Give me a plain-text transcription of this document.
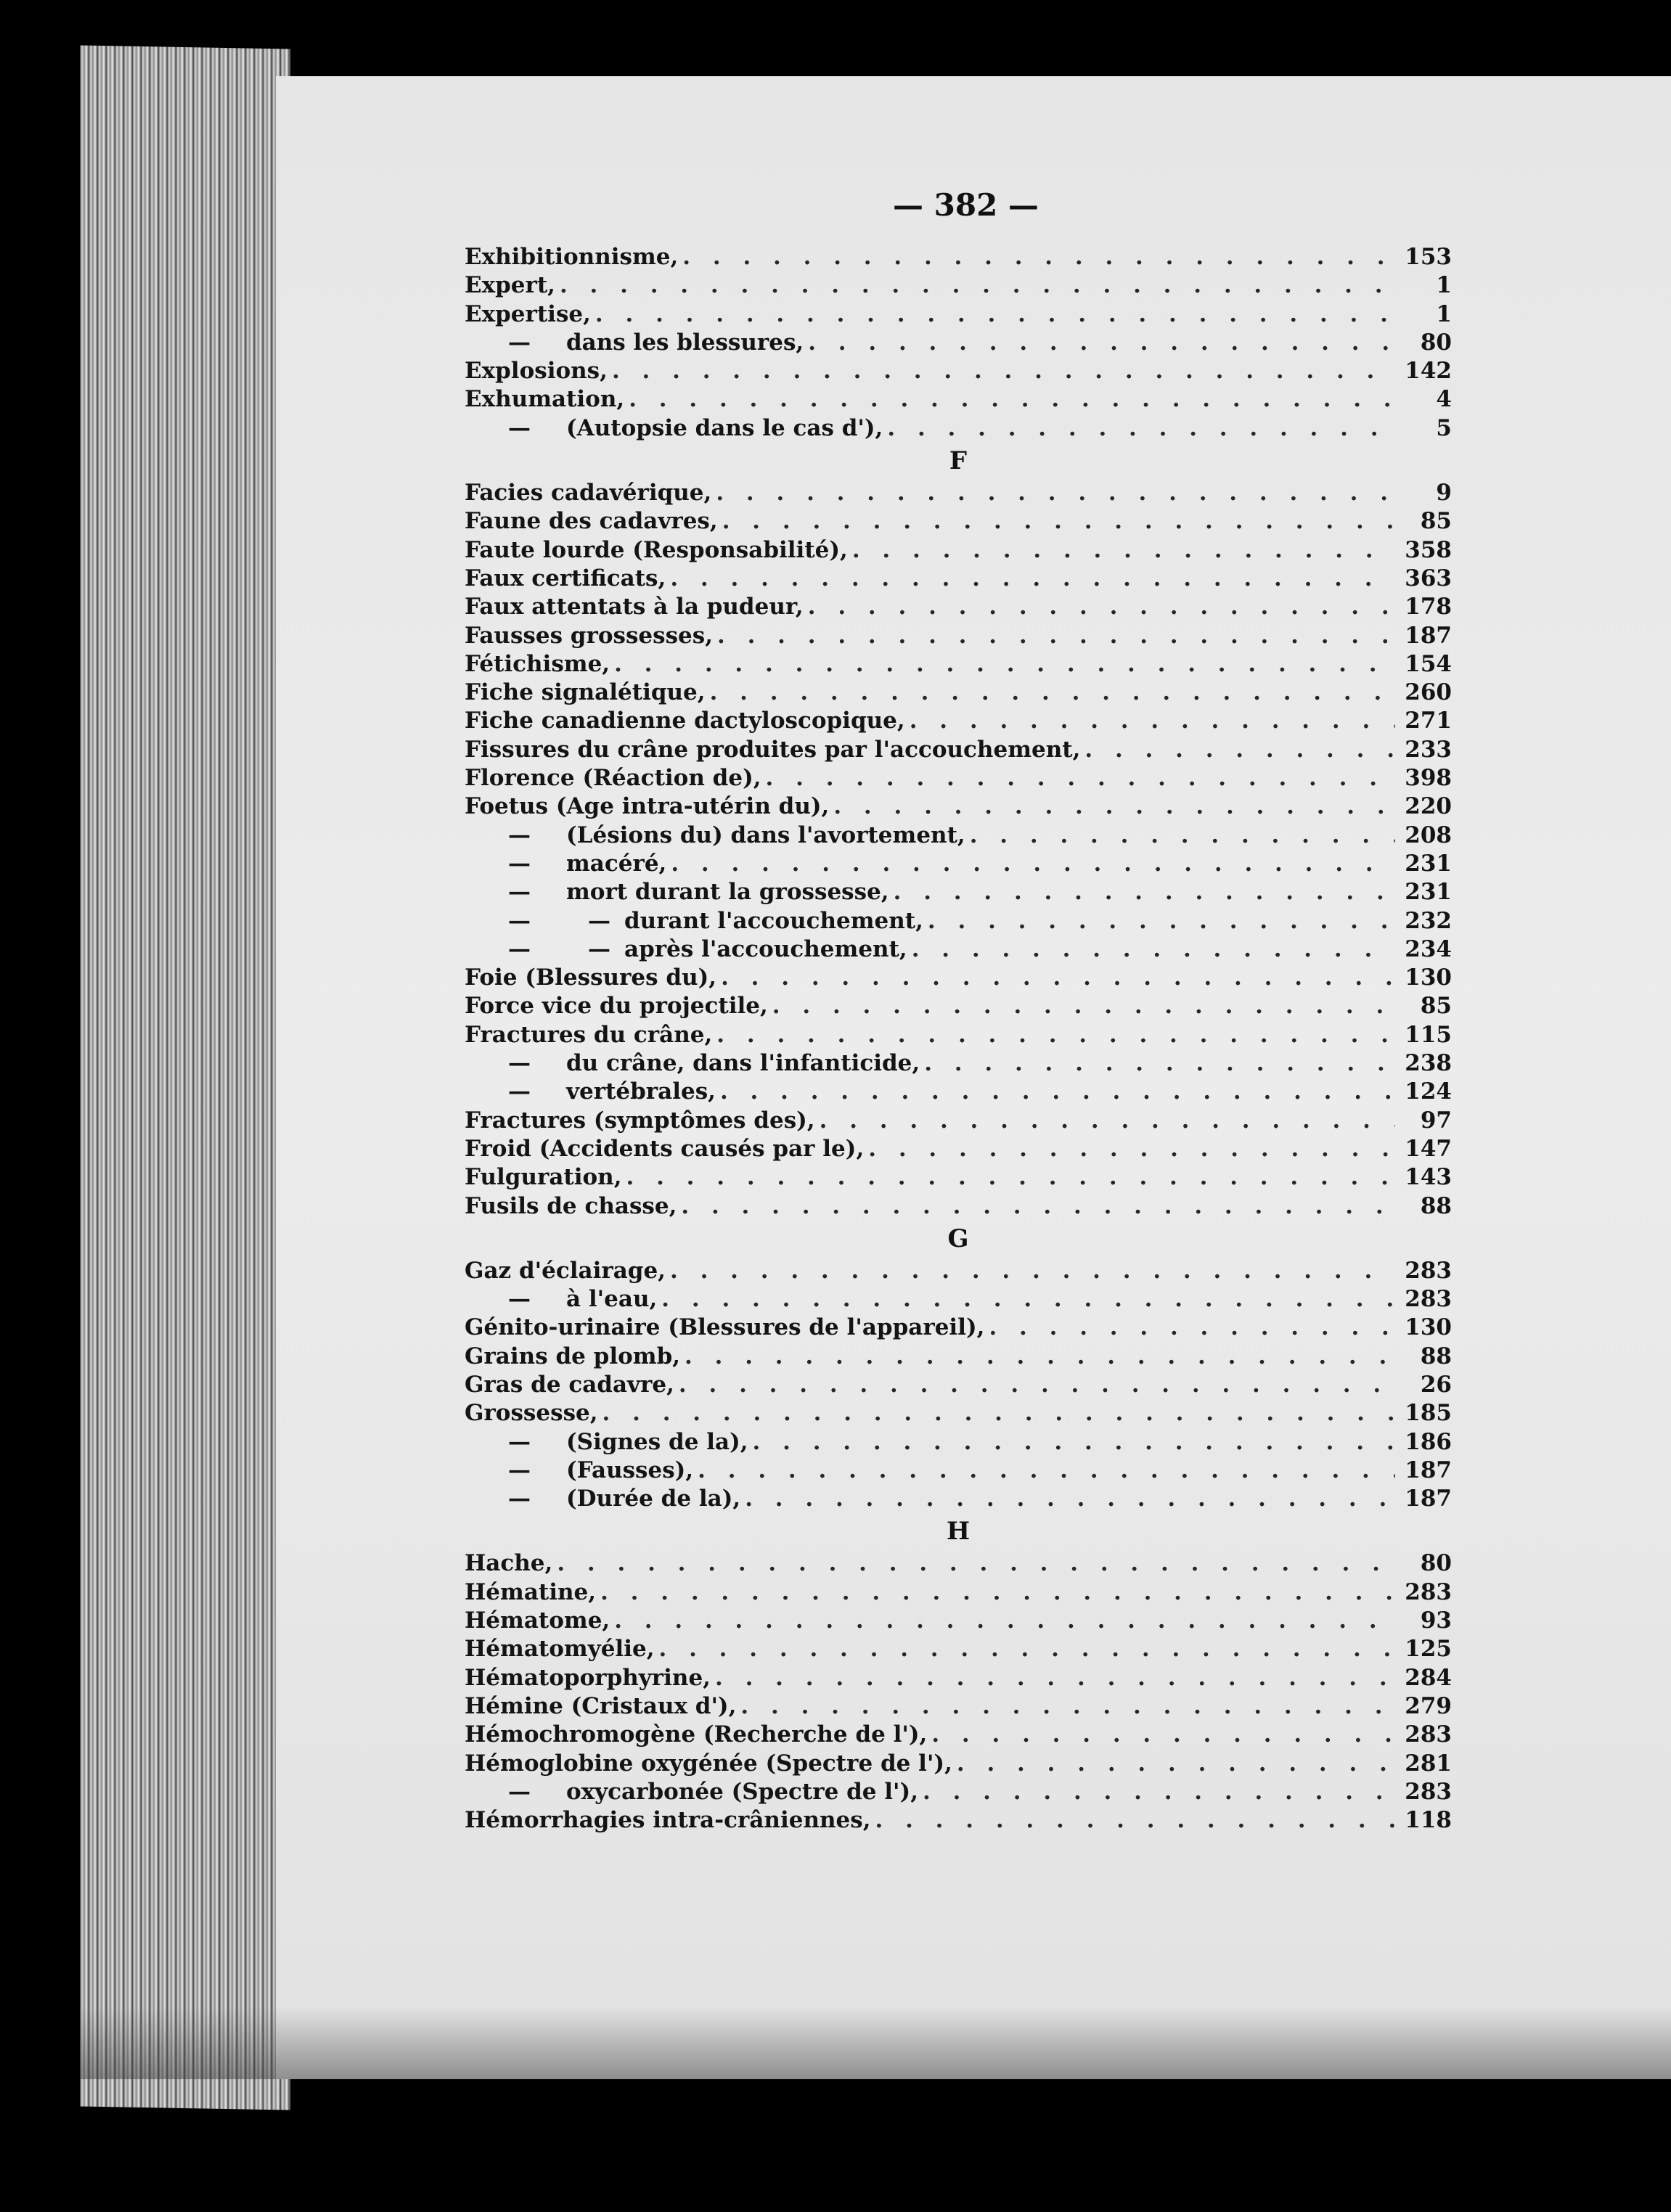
— 382 —
Exhibitionnisme, . . .	153
Expert, . . .	1
Expertise, . . .	1
— dans les blessures, . . .	80
Explosions, . . .	142
Exhumation, . . .	4
— (Autopsie dans le cas d'), . . .	5
F
Facies cadavérique, . . .	9
Faune des cadavres, . . .	85
Faute lourde (Responsabilité), . . .	358
Faux certificats, . . .	363
Faux attentats à la pudeur, . . .	178
Fausses grossesses, . . .	187
Fétichisme, . . .	154
Fiche signalétique, . . .	260
Fiche canadienne dactyloscopique, . . .	271
Fissures du crâne produites par l'accouchement, . . .	233
Florence (Réaction de), . . .	398
Foetus (Age intra-utérin du), . . .	220
— (Lésions du) dans l'avortement, . . .	208
— macéré, . . .	231
— mort durant la grossesse, . . .	231
—	— durant l'accouchement, . . .	232
—	— après l'accouchement, . . .	234
Foie (Blessures du), . . .	130
Force vice du projectile, . . .	85
Fractures du crâne, . . .	115
— du crâne, dans l'infanticide, . . .	238
— vertébrales, . . .	124
Fractures (symptômes des), . . .	97
Froid (Accidents causés par le), . . .	147
Fulguration, . . .	143
Fusils de chasse, . . .	88
G
Gaz d'éclairage, . . .	283
— à l'eau, . . .	283
Génito-urinaire (Blessures de l'appareil), . . .	130
Grains de plomb, . . .	88
Gras de cadavre, . . .	26
Grossesse, . . .	185
— (Signes de la), . . .	186
— (Fausses), . . .	187
— (Durée de la), . . .	187
H
Hache, . . .	80
Hématine, . . .	283
Hématome, . . .	93
Hématomyélie, . . .	125
Hématoporphyrine, . . .	284
Hémine (Cristaux d'), . . .	279
Hémochromogène (Recherche de l'), . . .	283
Hémoglobine oxygénée (Spectre de l'), . . .	281
— oxycarbonée (Spectre de l'), . . .	283
Hémorrhagies intra-crâniennes, . . .	118
